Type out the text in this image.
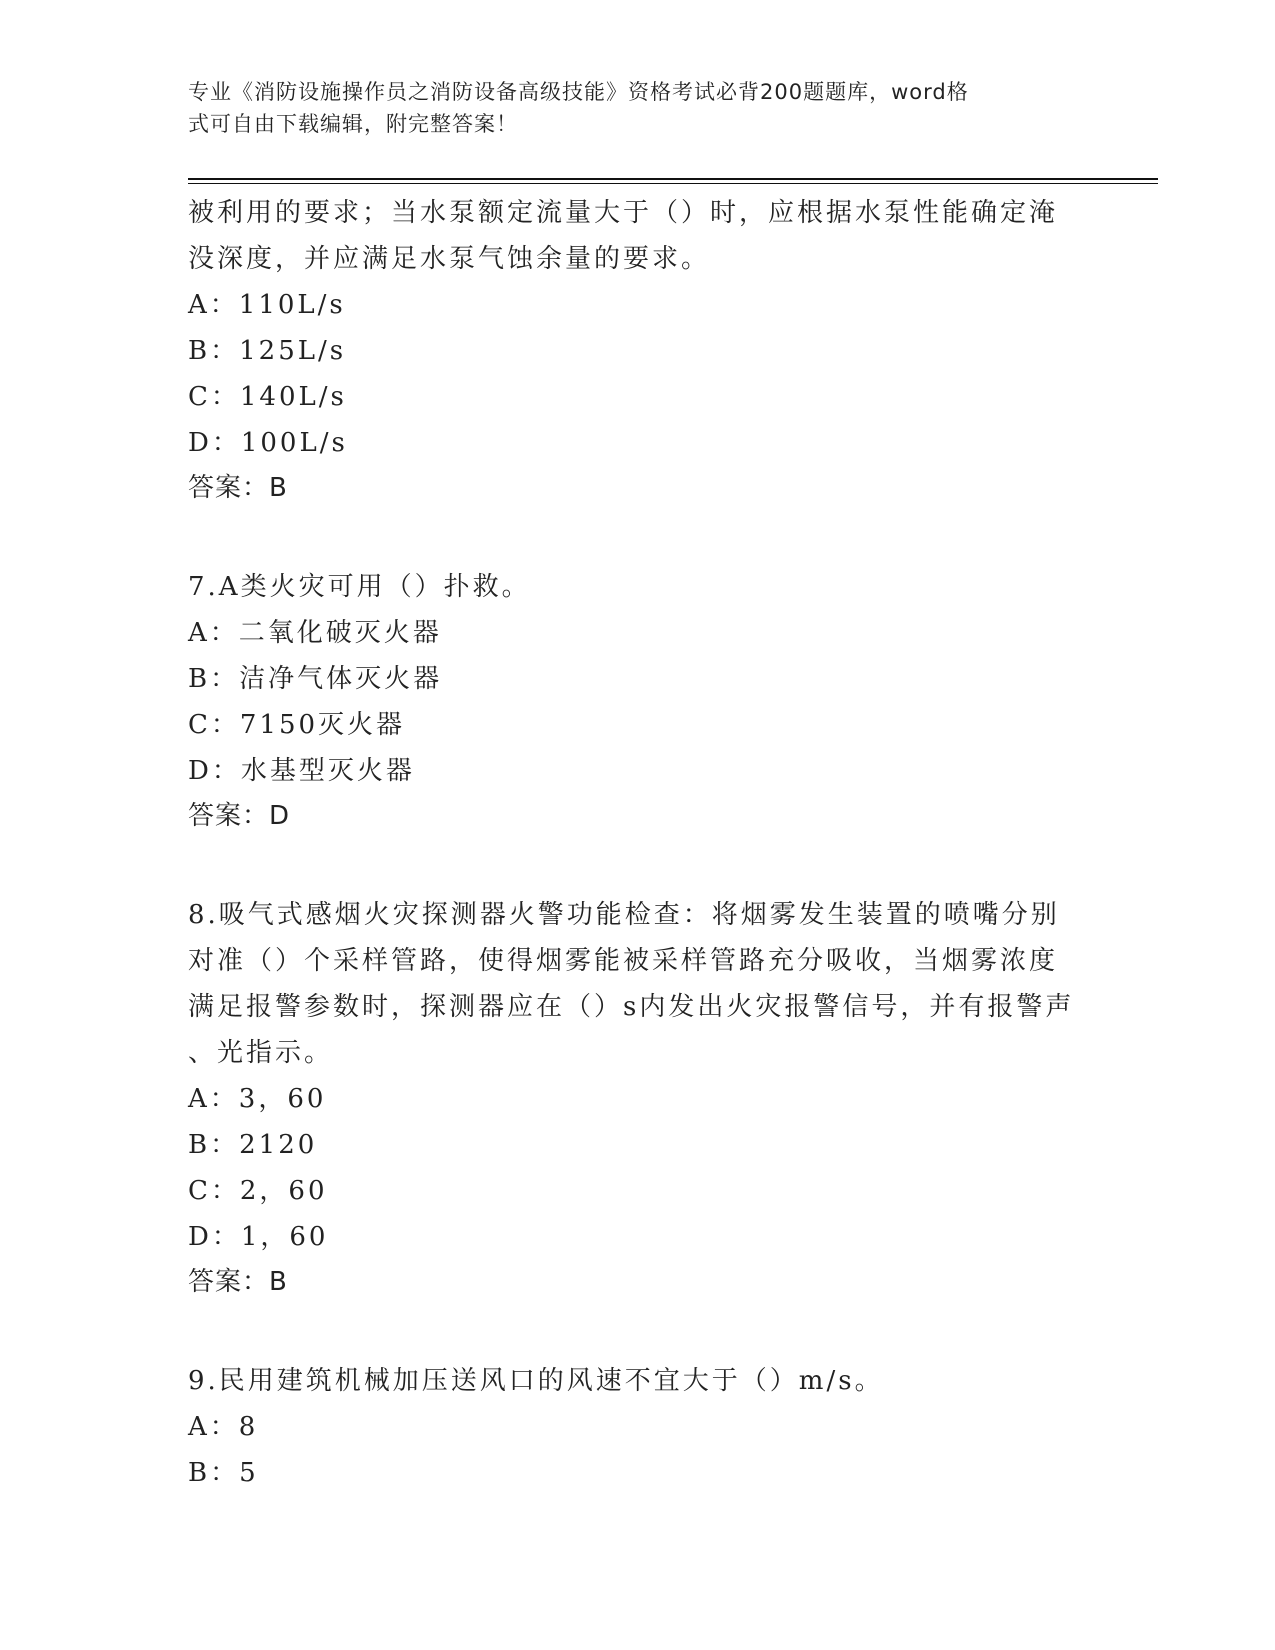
专业《消防设施操作员之消防设备高级技能》资格考试必背200题题库，word格
式可自由下载编辑，附完整答案！
被利用的要求；当水泵额定流量大于（）时，应根据水泵性能确定淹
没深度，并应满足水泵气蚀余量的要求。
A：110L/s
B：125L/s
C：140L/s
D：100L/s
答案：B
7.A类火灾可用（）扑救。
A：二氧化破灭火器
B：洁净气体灭火器
C：7150灭火器
D：水基型灭火器
答案：D
8.吸气式感烟火灾探测器火警功能检查：将烟雾发生装置的喷嘴分别
对准（）个采样管路，使得烟雾能被采样管路充分吸收，当烟雾浓度
满足报警参数时，探测器应在（）s内发出火灾报警信号，并有报警声
、光指示。
A：3，60
B：2120
C：2，60
D：1，60
答案：B
9.民用建筑机械加压送风口的风速不宜大于（）m/s。
A：8
B：5
